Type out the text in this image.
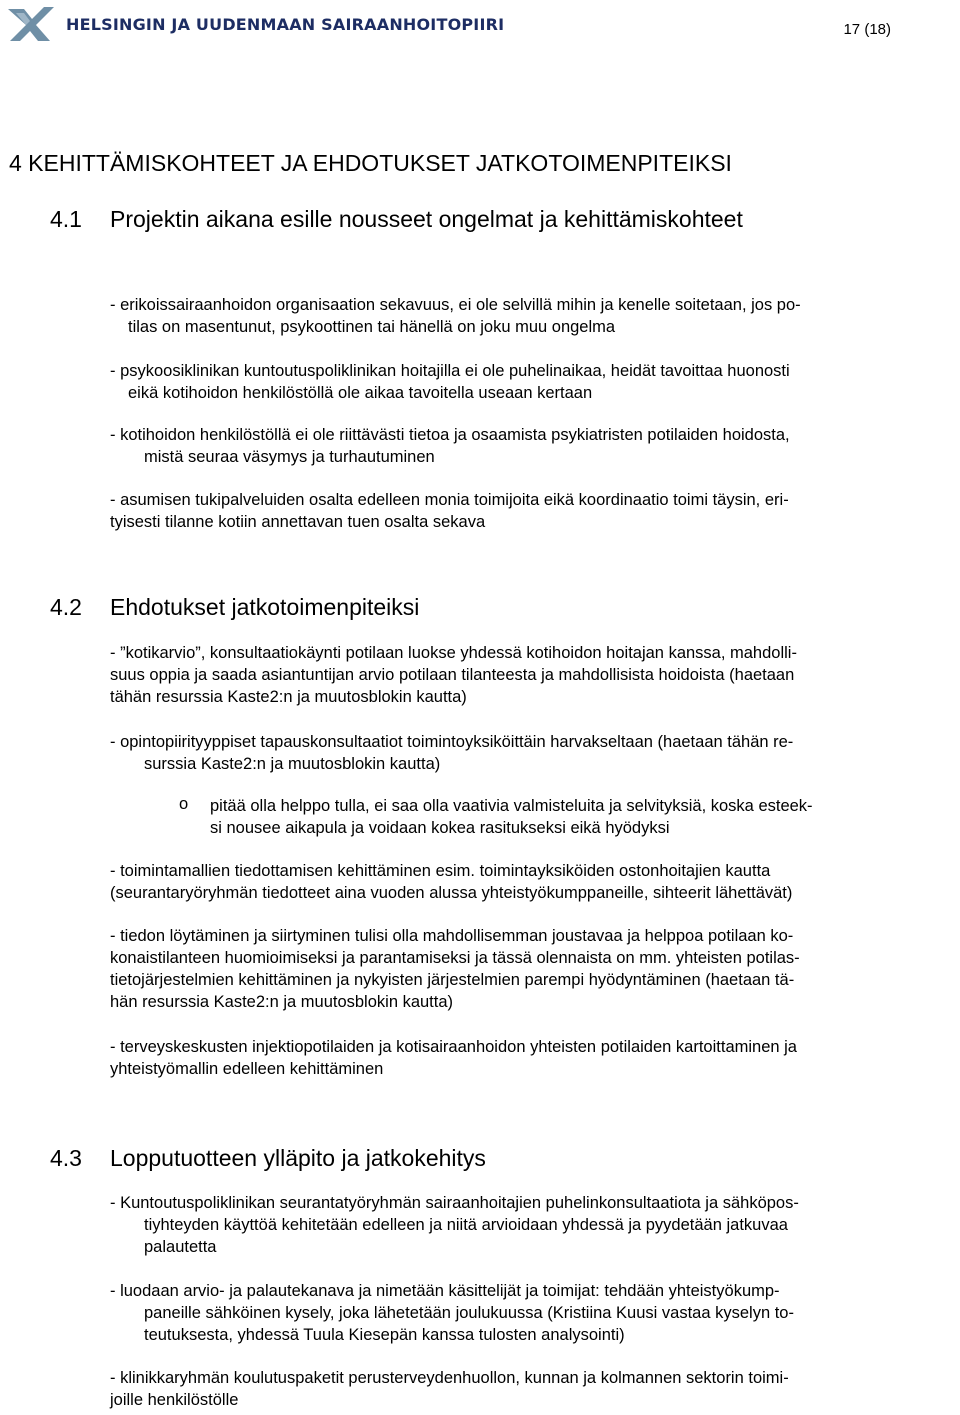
HELSINGIN JA UUDENMAAN SAIRAANHOITOPIIRI	17 (18)
4 KEHITTÄMISKOHTEET JA EHDOTUKSET JATKOTOIMENPITEIKSI
4.1 Projektin aikana esille nousseet ongelmat ja kehittämiskohteet
- erikoissairaanhoidon organisaation sekavuus, ei ole selvillä mihin ja kenelle soitetaan, jos po-
tilas on masentunut, psykoottinen tai hänellä on joku muu ongelma
- psykoosiklinikan kuntoutuspoliklinikan hoitajilla ei ole puhelinaikaa, heidät tavoittaa huonosti
eikä kotihoidon henkilöstöllä ole aikaa tavoitella useaan kertaan
- kotihoidon henkilöstöllä ei ole riittävästi tietoa ja osaamista psykiatristen potilaiden hoidosta,
mistä seuraa väsymys ja turhautuminen
- asumisen tukipalveluiden osalta edelleen monia toimijoita eikä koordinaatio toimi täysin, eri-
tyisesti tilanne kotiin annettavan tuen osalta sekava
4.2 Ehdotukset jatkotoimenpiteiksi
- ”kotikarvio”, konsultaatiokäynti potilaan luokse yhdessä kotihoidon hoitajan kanssa, mahdolli-
suus oppia ja saada asiantuntijan arvio potilaan tilanteesta ja mahdollisista hoidoista (haetaan
tähän resurssia Kaste2:n ja muutosblokin kautta)
- opintopiirityyppiset tapauskonsultaatiot toimintoyksiköittäin harvakseltaan (haetaan tähän re-
surssia Kaste2:n ja muutosblokin kautta)
o pitää olla helppo tulla, ei saa olla vaativia valmisteluita ja selvityksiä, koska esteek-
si nousee aikapula ja voidaan kokea rasitukseksi eikä hyödyksi
- toimintamallien tiedottamisen kehittäminen esim. toimintayksiköiden ostonhoitajien kautta
(seurantaryöryhmän tiedotteet aina vuoden alussa yhteistyökumppaneille, sihteerit lähettävät)
- tiedon löytäminen ja siirtyminen tulisi olla mahdollisemman joustavaa ja helppoa potilaan ko-
konaistilanteen huomioimiseksi ja parantamiseksi ja tässä olennaista on mm. yhteisten potilas-
tietojärjestelmien kehittäminen ja nykyisten järjestelmien parempi hyödyntäminen (haetaan tä-
hän resurssia Kaste2:n ja muutosblokin kautta)
- terveyskeskusten injektiopotilaiden ja kotisairaanhoidon yhteisten potilaiden kartoittaminen ja
yhteistyömallin edelleen kehittäminen
4.3 Lopputuotteen ylläpito ja jatkokehitys
- Kuntoutuspoliklinikan seurantatyöryhmän sairaanhoitajien puhelinkonsultaatiota ja sähköpos-
tiyhteyden käyttöä kehitetään edelleen ja niitä arvioidaan yhdessä ja pyydetään jatkuvaa
palautetta
- luodaan arvio- ja palautekanava ja nimetään käsittelijät ja toimijat: tehdään yhteistyökump-
paneille sähköinen kysely, joka lähetetään joulukuussa (Kristiina Kuusi vastaa kyselyn to-
teutuksesta, yhdessä Tuula Kiesepän kanssa tulosten analysointi)
- klinikkaryhmän koulutuspaketit perusterveydenhuollon, kunnan ja kolmannen sektorin toimi-
joille henkilöstölle
